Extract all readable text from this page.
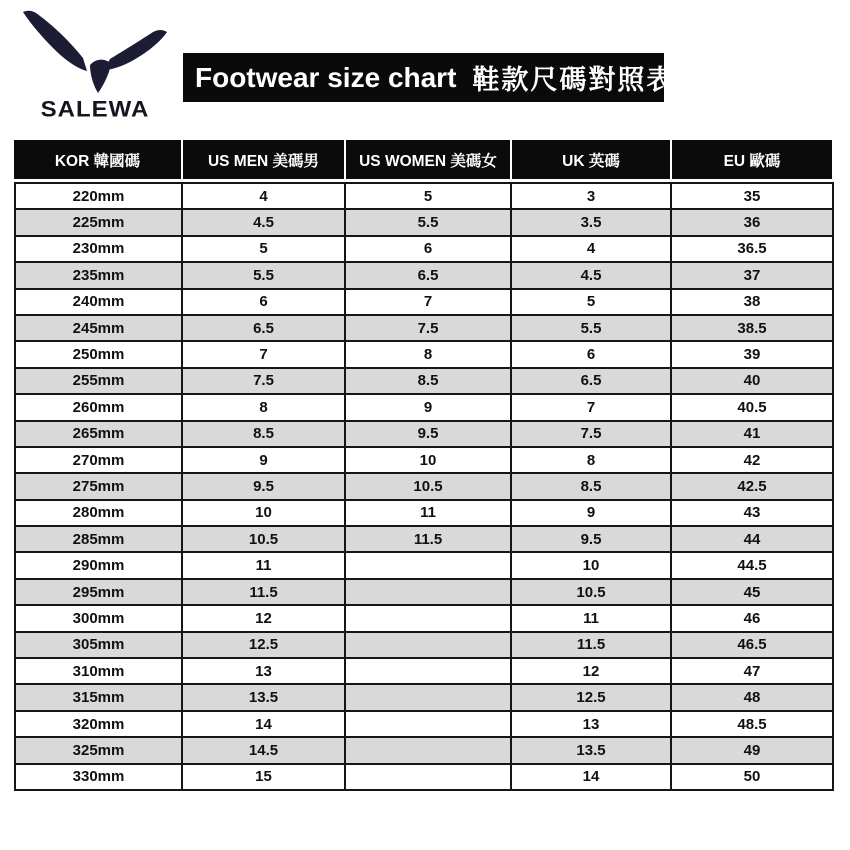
SALEWA
Footwear size chart 鞋款尺碼對照表
KOR 韓國碼	US MEN 美碼男	US WOMEN 美碼女	UK 英碼	EU 歐碼
220mm	4	5	3	35
225mm	4.5	5.5	3.5	36
230mm	5	6	4	36.5
235mm	5.5	6.5	4.5	37
240mm	6	7	5	38
245mm	6.5	7.5	5.5	38.5
250mm	7	8	6	39
255mm	7.5	8.5	6.5	40
260mm	8	9	7	40.5
265mm	8.5	9.5	7.5	41
270mm	9	10	8	42
275mm	9.5	10.5	8.5	42.5
280mm	10	11	9	43
285mm	10.5	11.5	9.5	44
290mm	11		10	44.5
295mm	11.5		10.5	45
300mm	12		11	46
305mm	12.5		11.5	46.5
310mm	13		12	47
315mm	13.5		12.5	48
320mm	14		13	48.5
325mm	14.5		13.5	49
330mm	15		14	50
